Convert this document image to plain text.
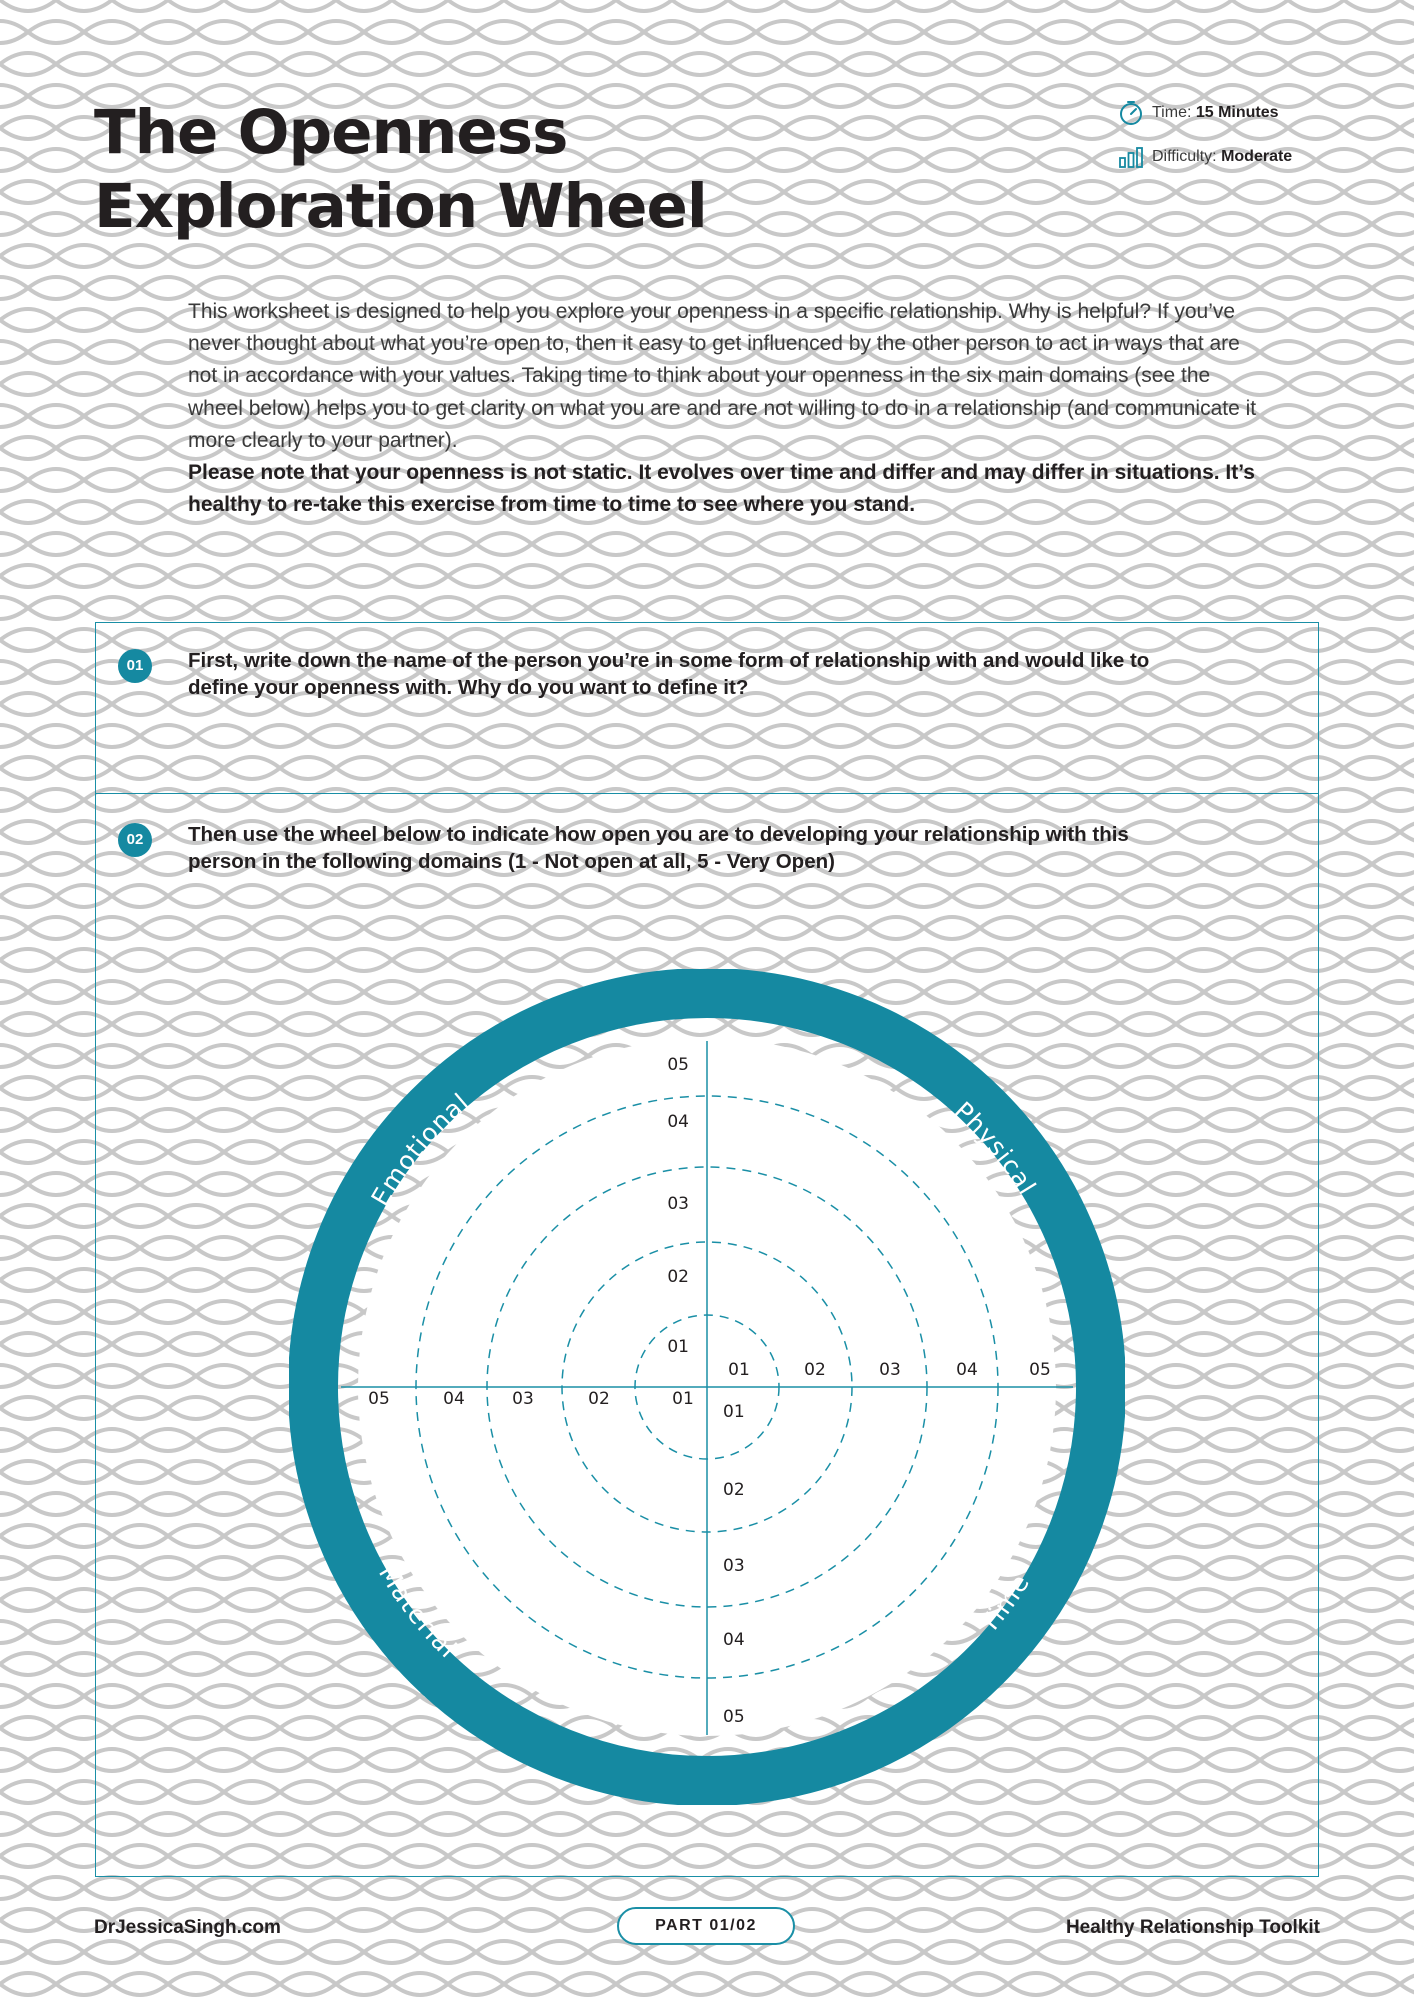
The Openness
Exploration Wheel
Time:
15 Minutes
Difficulty:
Moderate

This worksheet is designed to help you explore your openness in a specific relationship. Why is helpful? If you’ve never thought about what you’re open to, then it easy to get influenced by the other person to act in ways that are not in accordance with your values. Taking time to think about your openness in the six main domains (see the wheel below) helps you to get clarity on what you are and are not willing to do in a relationship (and communicate it more clearly to your partner).

Please note that your openness is not static. It evolves over time and differ and may differ in situations. It’s healthy to re-take this exercise from time to time to see where you stand.

01	First, write down the name of the person you’re in some form of relationship with and would like to define your openness with. Why do you want to define it?
02	Then use the wheel below to indicate how open you are to developing your relationship with this person in the following domains (1 - Not open at all, 5 - Very Open)
05
04
03
02
01
01	02	03	04	05
01
02
03
04
05
01
02
03
04
05
Emotional	Physical
Material
Time
DrJessicaSingh.com	PART 01/02	Healthy Relationship Toolkit
